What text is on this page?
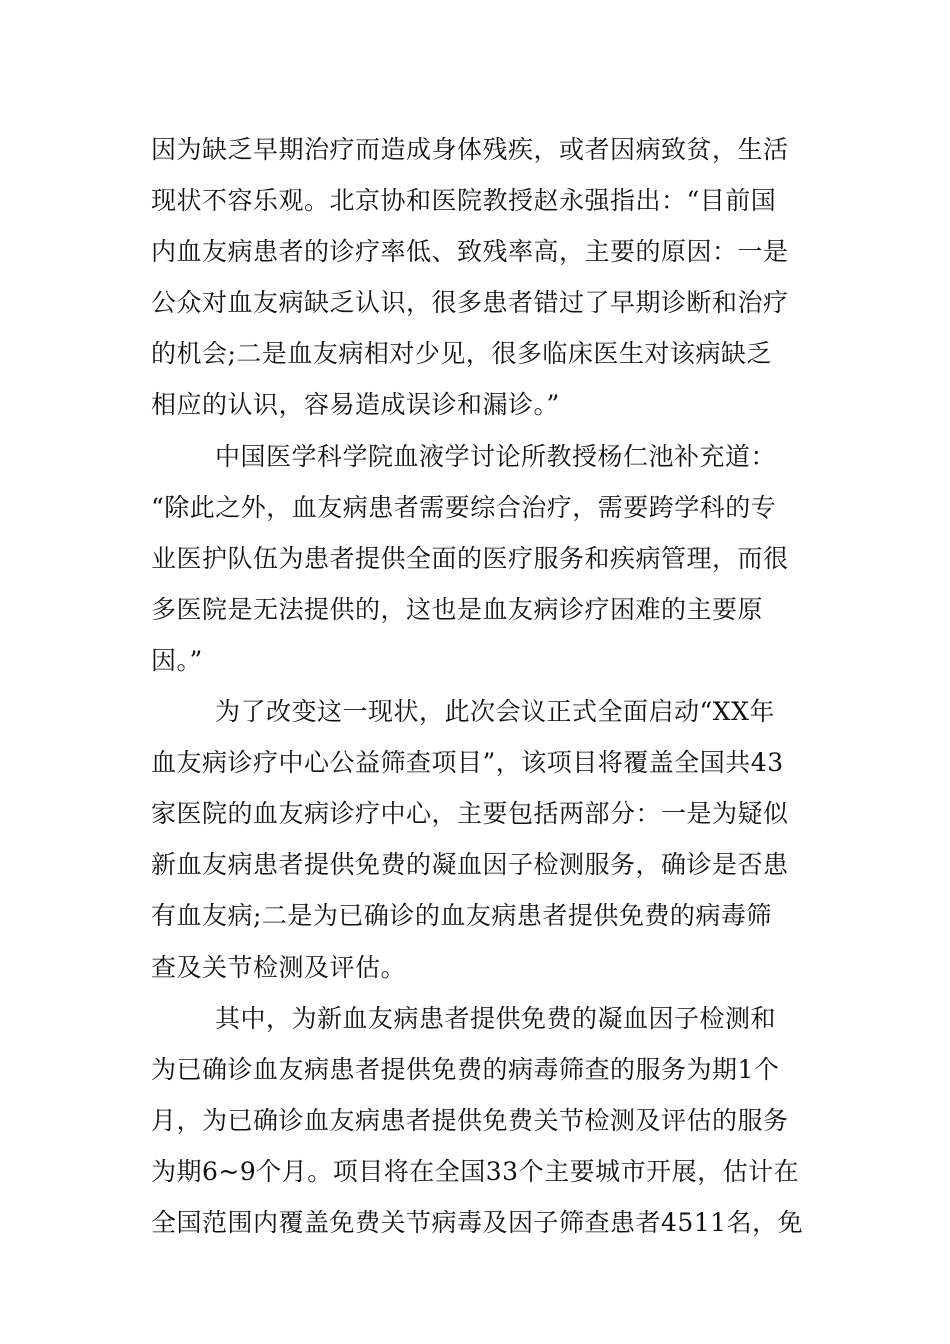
因为缺乏早期治疗而造成身体残疾，或者因病致贫，生活

现状不容乐观。北京协和医院教授赵永强指出：“目前国

内血友病患者的诊疗率低、致残率高，主要的原因：一是

公众对血友病缺乏认识，很多患者错过了早期诊断和治疗

的机会;二是血友病相对少见，很多临床医生对该病缺乏

相应的认识，容易造成误诊和漏诊。”

中国医学科学院血液学讨论所教授杨仁池补充道：

“除此之外，血友病患者需要综合治疗，需要跨学科的专

业医护队伍为患者提供全面的医疗服务和疾病管理，而很

多医院是无法提供的，这也是血友病诊疗困难的主要原

因。”

为了改变这一现状，此次会议正式全面启动“XX年

血友病诊疗中心公益筛查项目”，该项目将覆盖全国共43

家医院的血友病诊疗中心，主要包括两部分：一是为疑似

新血友病患者提供免费的凝血因子检测服务，确诊是否患

有血友病;二是为已确诊的血友病患者提供免费的病毒筛

查及关节检测及评估。

其中，为新血友病患者提供免费的凝血因子检测和

为已确诊血友病患者提供免费的病毒筛查的服务为期1个

月，为已确诊血友病患者提供免费关节检测及评估的服务

为期6~9个月。项目将在全国33个主要城市开展，估计在

全国范围内覆盖免费关节病毒及因子筛查患者4511名，免
